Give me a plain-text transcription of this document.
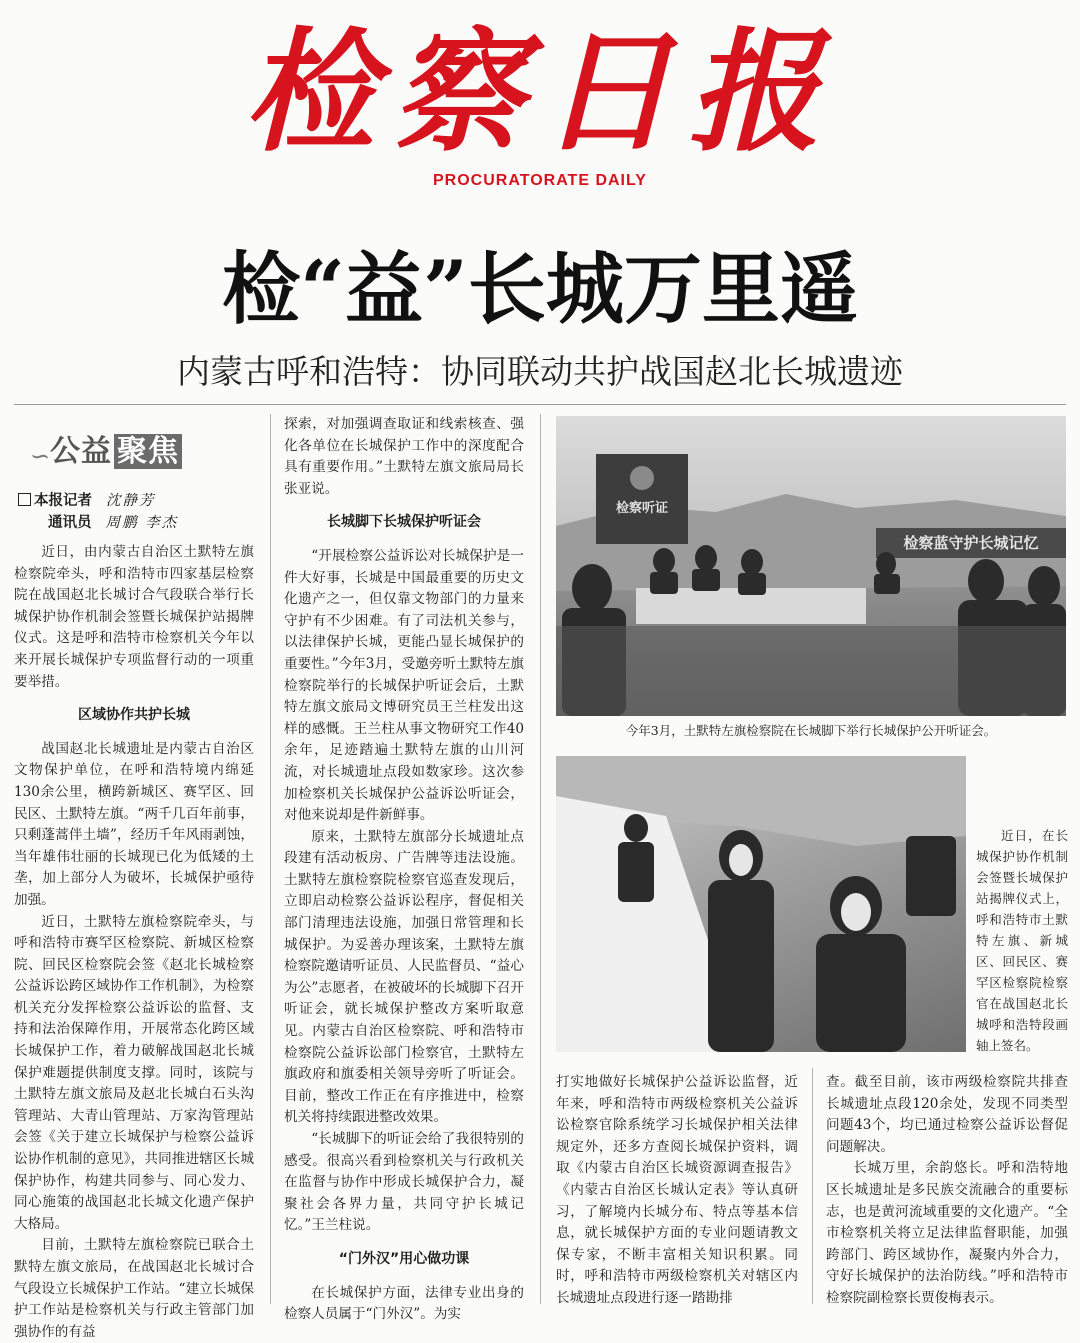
检察日报
PROCURATORATE DAILY
检“益”长城万里遥
内蒙古呼和浩特：协同联动共护战国赵北长城遗迹
∽ 公益 聚焦
本报记者 沈静芳
通讯员 周鹏 李杰

近日，由内蒙古自治区土默特左旗检察院牵头，呼和浩特市四家基层检察院在战国赵北长城讨合气段联合举行长城保护协作机制会签暨长城保护站揭牌仪式。这是呼和浩特市检察机关今年以来开展长城保护专项监督行动的一项重要举措。

区域协作共护长城

战国赵北长城遗址是内蒙古自治区文物保护单位，在呼和浩特境内绵延130余公里，横跨新城区、赛罕区、回民区、土默特左旗。“两千几百年前事，只剩蓬蒿伴土墙”，经历千年风雨剥蚀，当年雄伟壮丽的长城现已化为低矮的土垄，加上部分人为破坏，长城保护亟待加强。

近日，土默特左旗检察院牵头，与呼和浩特市赛罕区检察院、新城区检察院、回民区检察院会签《赵北长城检察公益诉讼跨区域协作工作机制》，为检察机关充分发挥检察公益诉讼的监督、支持和法治保障作用，开展常态化跨区域长城保护工作，着力破解战国赵北长城保护难题提供制度支撑。同时，该院与土默特左旗文旅局及赵北长城白石头沟管理站、大青山管理站、万家沟管理站会签《关于建立长城保护与检察公益诉讼协作机制的意见》，共同推进辖区长城保护协作，构建共同参与、同心发力、同心施策的战国赵北长城文化遗产保护大格局。

目前，土默特左旗检察院已联合土默特左旗文旅局，在战国赵北长城讨合气段设立长城保护工作站。“建立长城保护工作站是检察机关与行政主管部门加强协作的有益

探索，对加强调查取证和线索核查、强化各单位在长城保护工作中的深度配合具有重要作用。”土默特左旗文旅局局长张亚说。

长城脚下长城保护听证会

“开展检察公益诉讼对长城保护是一件大好事，长城是中国最重要的历史文化遗产之一，但仅靠文物部门的力量来守护有不少困难。有了司法机关参与，以法律保护长城，更能凸显长城保护的重要性。”今年3月，受邀旁听土默特左旗检察院举行的长城保护听证会后，土默特左旗文旅局文博研究员王兰柱发出这样的感慨。王兰柱从事文物研究工作40余年，足迹踏遍土默特左旗的山川河流，对长城遗址点段如数家珍。这次参加检察机关长城保护公益诉讼听证会，对他来说却是件新鲜事。

原来，土默特左旗部分长城遗址点段建有活动板房、广告牌等违法设施。土默特左旗检察院检察官巡查发现后，立即启动检察公益诉讼程序，督促相关部门清理违法设施，加强日常管理和长城保护。为妥善办理该案，土默特左旗检察院邀请听证员、人民监督员、“益心为公”志愿者，在被破坏的长城脚下召开听证会，就长城保护整改方案听取意见。内蒙古自治区检察院、呼和浩特市检察院公益诉讼部门检察官，土默特左旗政府和旗委相关领导旁听了听证会。目前，整改工作正在有序推进中，检察机关将持续跟进整改效果。

“长城脚下的听证会给了我很特别的感受。很高兴看到检察机关与行政机关在监督与协作中形成长城保护合力，凝聚社会各界力量，共同守护长城记忆。”王兰柱说。

“门外汉”用心做功课

在长城保护方面，法律专业出身的检察人员属于“门外汉”。为实

检察听证
检察蓝守护长城记忆
今年3月，土默特左旗检察院在长城脚下举行长城保护公开听证会。
近日，在长城保护协作机制会签暨长城保护站揭牌仪式上，呼和浩特市土默特左旗、新城区、回民区、赛罕区检察院检察官在战国赵北长城呼和浩特段画轴上签名。

打实地做好长城保护公益诉讼监督，近年来，呼和浩特市两级检察机关公益诉讼检察官除系统学习长城保护相关法律规定外，还多方查阅长城保护资料，调取《内蒙古自治区长城资源调查报告》《内蒙古自治区长城认定表》等认真研习，了解境内长城分布、特点等基本信息，就长城保护方面的专业问题请教文保专家，不断丰富相关知识积累。同时，呼和浩特市两级检察机关对辖区内长城遗址点段进行逐一踏勘排

查。截至目前，该市两级检察院共排查长城遗址点段120余处，发现不同类型问题43个，均已通过检察公益诉讼督促问题解决。

长城万里，余韵悠长。呼和浩特地区长城遗址是多民族交流融合的重要标志，也是黄河流域重要的文化遗产。“全市检察机关将立足法律监督职能，加强跨部门、跨区域协作，凝聚内外合力，守好长城保护的法治防线。”呼和浩特市检察院副检察长贾俊梅表示。
